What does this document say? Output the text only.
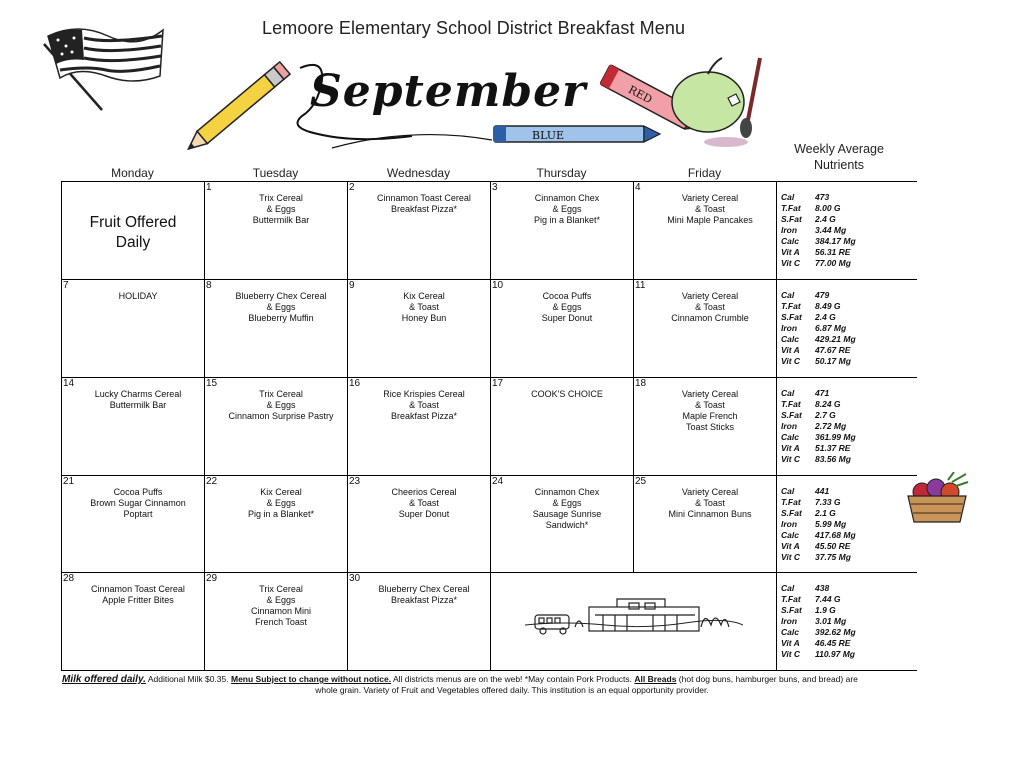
Lemoore Elementary School District Breakfast Menu
September
BLUE
RED
Weekly Average
Nutrients
Monday	Tuesday	Wednesday	Thursday	Friday
Fruit Offered
Daily
1
Trix Cereal
& Eggs
Buttermilk Bar
2
Cinnamon Toast Cereal
Breakfast Pizza*
3
Cinnamon Chex
& Eggs
Pig in a Blanket*
4
Variety Cereal
& Toast
Mini Maple Pancakes
Cal	473
T.Fat	8.00 G
S.Fat	2.4 G
Iron	3.44 Mg
Calc	384.17 Mg
Vit A	56.31 RE
Vit C	77.00 Mg
7
HOLIDAY
8
Blueberry Chex Cereal
& Eggs
Blueberry Muffin
9
Kix Cereal
& Toast
Honey Bun
10
Cocoa Puffs
& Eggs
Super Donut
11
Variety Cereal
& Toast
Cinnamon Crumble
Cal	479
T.Fat	8.49 G
S.Fat	2.4 G
Iron	6.87 Mg
Calc	429.21 Mg
Vit A	47.67 RE
Vit C	50.17 Mg
14
Lucky Charms Cereal
Buttermilk Bar
15
Trix Cereal
& Eggs
Cinnamon Surprise Pastry
16
Rice Krispies Cereal
& Toast
Breakfast Pizza*
17
COOK'S CHOICE
18
Variety Cereal
& Toast
Maple French
Toast Sticks
Cal	471
T.Fat	8.24 G
S.Fat	2.7 G
Iron	2.72 Mg
Calc	361.99 Mg
Vit A	51.37 RE
Vit C	83.56 Mg
21
Cocoa Puffs
Brown Sugar Cinnamon
Poptart
22
Kix Cereal
& Eggs
Pig in a Blanket*
23
Cheerios Cereal
& Toast
Super Donut
24
Cinnamon Chex
& Eggs
Sausage Sunrise
Sandwich*
25
Variety Cereal
& Toast
Mini Cinnamon Buns
Cal	441
T.Fat	7.33 G
S.Fat	2.1 G
Iron	5.99 Mg
Calc	417.68 Mg
Vit A	45.50 RE
Vit C	37.75 Mg
28
Cinnamon Toast Cereal
Apple Fritter Bites
29
Trix Cereal
& Eggs
Cinnamon Mini
French Toast
30
Blueberry Chex Cereal
Breakfast Pizza*
Cal	438
T.Fat	7.44 G
S.Fat	1.9 G
Iron	3.01 Mg
Calc	392.62 Mg
Vit A	46.45 RE
Vit C	110.97 Mg
Milk offered daily. Additional Milk $0.35. Menu Subject to change without notice. All districts menus are on the web! *May contain Pork Products. All Breads (hot dog buns, hamburger buns, and bread) are
whole grain. Variety of Fruit and Vegetables offered daily. This institution is an equal opportunity provider.
